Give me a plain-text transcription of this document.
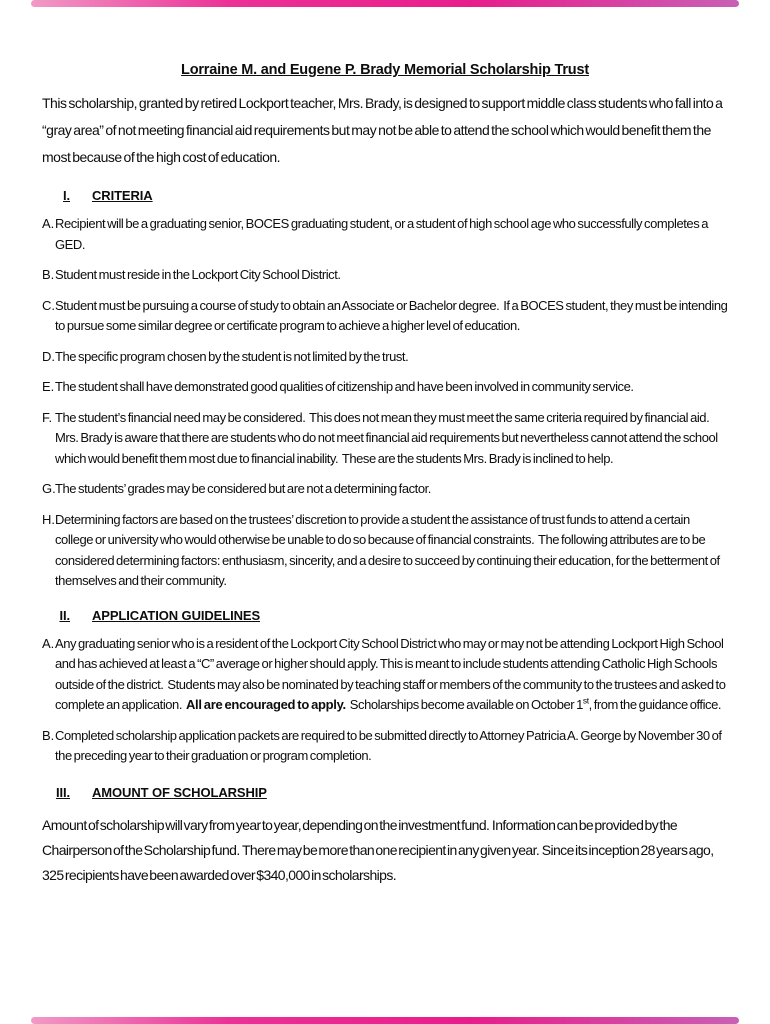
Lorraine M. and Eugene P. Brady Memorial Scholarship Trust

This scholarship, granted by retired Lockport teacher, Mrs. Brady, is designed to support middle class students who fall into a “gray area” of not meeting financial aid requirements but may not be able to attend the school which would benefit them the most because of the high cost of education.

I. CRITERIA
A. Recipient will be a graduating senior, BOCES graduating student, or a student of high school age who successfully completes a GED.
B. Student must reside in the Lockport City School District.
C. Student must be pursuing a course of study to obtain an Associate or Bachelor degree.  If a BOCES student, they must be intending to pursue some similar degree or certificate program to achieve a higher level of education.
D. The specific program chosen by the student is not limited by the trust.
E. The student shall have demonstrated good qualities of citizenship and have been involved in community service.
F. The student’s financial need may be considered.  This does not mean they must meet the same criteria required by financial aid.  Mrs. Brady is aware that there are students who do not meet financial aid requirements but nevertheless cannot attend the school which would benefit them most due to financial inability.  These are the students Mrs. Brady is inclined to help.
G. The students’ grades may be considered but are not a determining factor.
H. Determining factors are based on the trustees’ discretion to provide a student the assistance of trust funds to attend a certain college or university who would otherwise be unable to do so because of financial constraints.  The following attributes are to be considered determining factors: enthusiasm, sincerity, and a desire to succeed by continuing their education, for the betterment of themselves and their community.
II. APPLICATION GUIDELINES
A. Any graduating senior who is a resident of the Lockport City School District who may or may not be attending Lockport High School and has achieved at least a “C” average or higher should apply. This is meant to include students attending Catholic High Schools outside of the district.  Students may also be nominated by teaching staff or members of the community to the trustees and asked to complete an application.  All are encouraged to apply.  Scholarships become available on October 1st, from the guidance office.
B. Completed scholarship application packets are required to be submitted directly to Attorney Patricia A. George by November 30 of the preceding year to their graduation or program completion.
III. AMOUNT OF SCHOLARSHIP

Amount of scholarship will vary from year to year, depending on the investment fund.  Information can be provided by the Chairperson of the Scholarship fund.  There may be more than one recipient in any given year.  Since its inception 28 years ago, 325 recipients have been awarded over $340,000 in scholarships.
